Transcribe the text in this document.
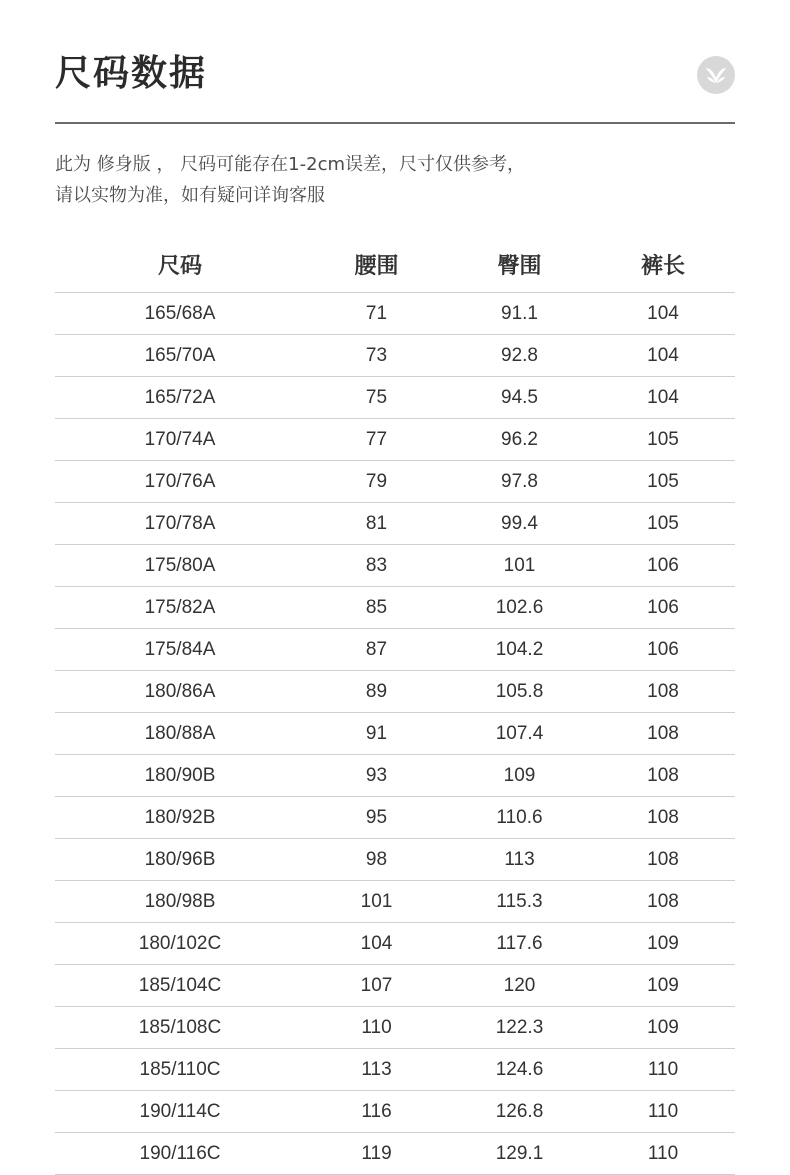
尺码数据
此为 修身版 ， 尺码可能存在1-2cm误差，尺寸仅供参考，
请以实物为准，如有疑问详询客服
尺码	腰围	臀围	裤长
165/68A	71	91.1	104
165/70A	73	92.8	104
165/72A	75	94.5	104
170/74A	77	96.2	105
170/76A	79	97.8	105
170/78A	81	99.4	105
175/80A	83	101	106
175/82A	85	102.6	106
175/84A	87	104.2	106
180/86A	89	105.8	108
180/88A	91	107.4	108
180/90B	93	109	108
180/92B	95	110.6	108
180/96B	98	113	108
180/98B	101	115.3	108
180/102C	104	117.6	109
185/104C	107	120	109
185/108C	110	122.3	109
185/110C	113	124.6	110
190/114C	116	126.8	110
190/116C	119	129.1	110
